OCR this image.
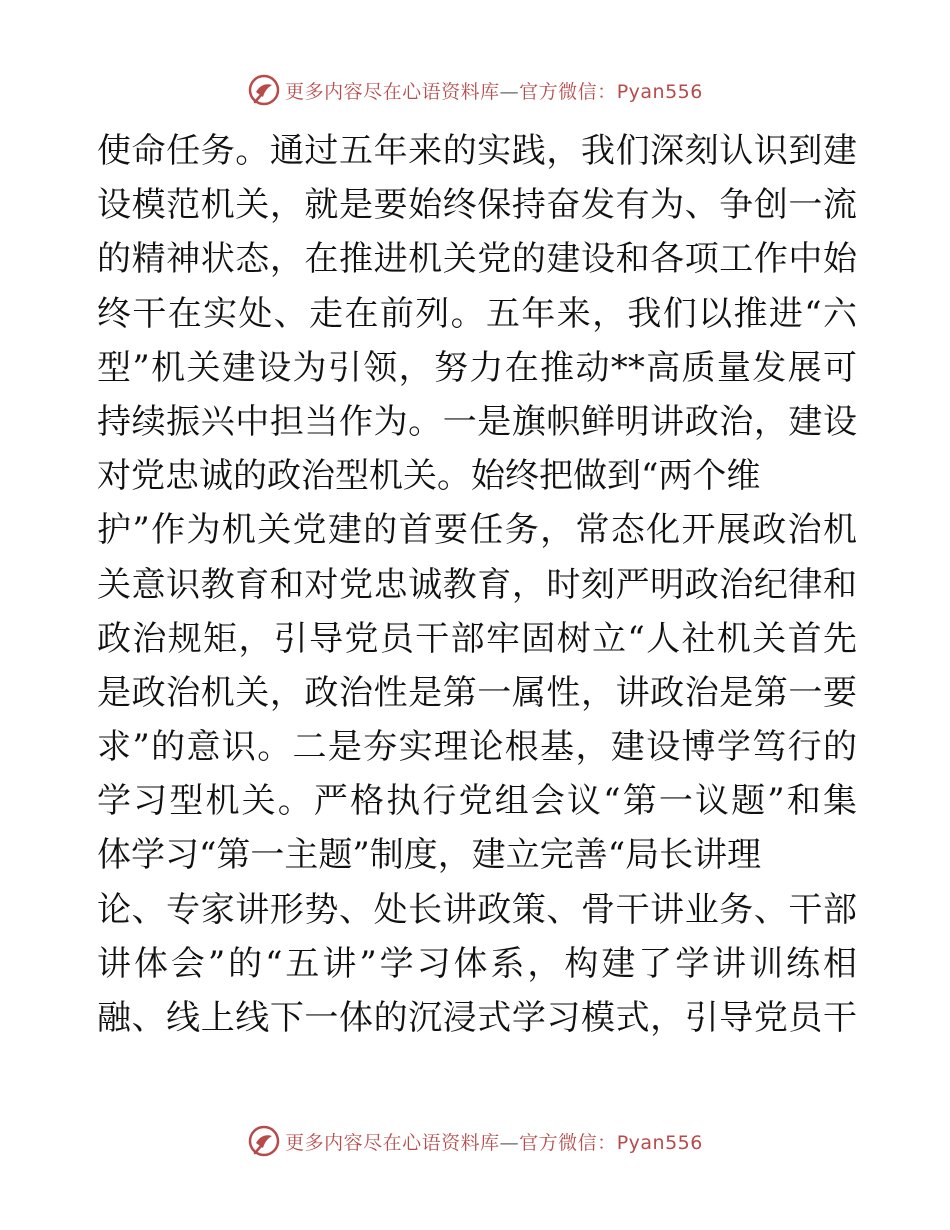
更多内容尽在心语资料库—官方微信：Pyan556
使命任务。通过五年来的实践，我们深刻认识到建
设模范机关，就是要始终保持奋发有为、争创一流
的精神状态，在推进机关党的建设和各项工作中始
终干在实处、走在前列。五年来，我们以推进“六
型”机关建设为引领，努力在推动**高质量发展可
持续振兴中担当作为。一是旗帜鲜明讲政治，建设
对党忠诚的政治型机关。始终把做到“两个维
护”作为机关党建的首要任务，常态化开展政治机
关意识教育和对党忠诚教育，时刻严明政治纪律和
政治规矩，引导党员干部牢固树立“人社机关首先
是政治机关，政治性是第一属性，讲政治是第一要
求”的意识。二是夯实理论根基，建设博学笃行的
学习型机关。严格执行党组会议“第一议题”和集
体学习“第一主题”制度，建立完善“局长讲理
论、专家讲形势、处长讲政策、骨干讲业务、干部
讲体会”的“五讲”学习体系，构建了学讲训练相
融、线上线下一体的沉浸式学习模式，引导党员干
更多内容尽在心语资料库—官方微信：Pyan556
